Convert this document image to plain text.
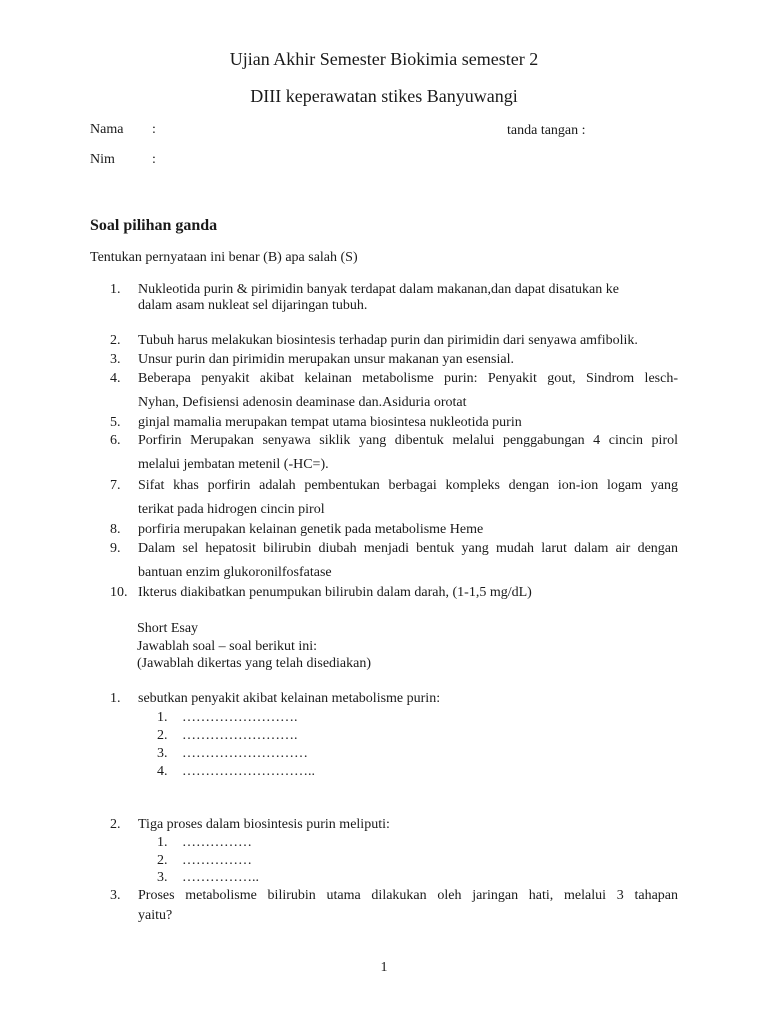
Ujian Akhir Semester Biokimia semester 2
DIII keperawatan stikes Banyuwangi
Nama :	tanda tangan :
Nim	:
Soal pilihan ganda
Tentukan pernyataan ini benar (B) apa salah (S)
1. Nukleotida purin & pirimidin banyak terdapat dalam makanan,dan dapat disatukan ke
dalam asam nukleat sel dijaringan tubuh.
2. Tubuh harus melakukan biosintesis terhadap purin dan pirimidin dari senyawa amfibolik.
3. Unsur purin dan pirimidin merupakan unsur makanan yan esensial.
4. Beberapa penyakit akibat kelainan metabolisme purin: Penyakit gout, Sindrom lesch-
Nyhan, Defisiensi adenosin deaminase dan.Asiduria orotat
5. ginjal mamalia merupakan tempat utama biosintesa nukleotida purin
6. Porfirin Merupakan senyawa siklik yang dibentuk melalui penggabungan 4 cincin pirol
melalui jembatan metenil (-HC=).
7. Sifat khas porfirin adalah pembentukan berbagai kompleks dengan ion-ion logam yang
terikat pada hidrogen cincin pirol
8. porfiria merupakan kelainan genetik pada metabolisme Heme
9. Dalam sel hepatosit bilirubin diubah menjadi bentuk yang mudah larut dalam air dengan
bantuan enzim glukoronilfosfatase
10. Ikterus diakibatkan penumpukan bilirubin dalam darah, (1-1,5 mg/dL)
Short Esay
Jawablah soal – soal berikut ini:
(Jawablah dikertas yang telah disediakan)
1. sebutkan penyakit akibat kelainan metabolisme purin:
1. …………………….
2. …………………….
3. ………………………
4. ………………………..
2. Tiga proses dalam biosintesis purin meliputi:
1. ……………
2. ……………
3. ……………..
3. Proses metabolisme bilirubin utama dilakukan oleh jaringan hati, melalui 3 tahapan
yaitu?
1
